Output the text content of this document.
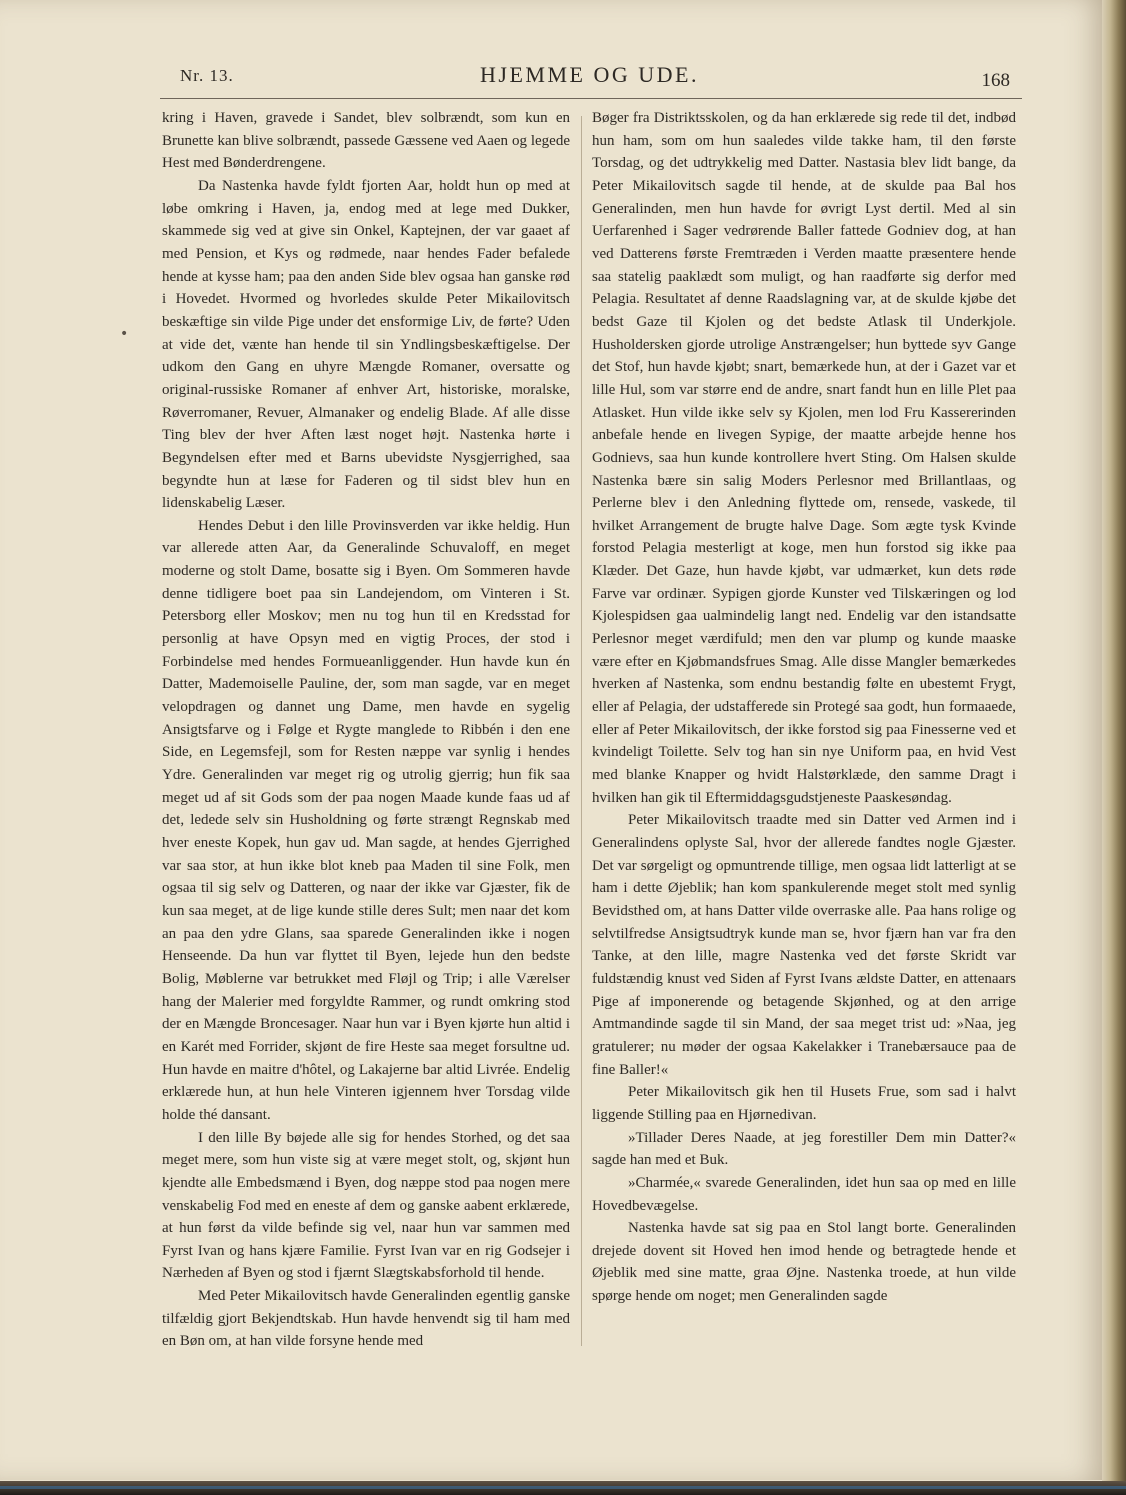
Nr. 13.	HJEMME OG UDE.	168
•

kring i Haven, gravede i Sandet, blev solbrændt, som kun en Brunette kan blive solbrændt, passede Gæssene ved Aaen og legede Hest med Bønderdrengene.

Da Nastenka havde fyldt fjorten Aar, holdt hun op med at løbe omkring i Haven, ja, endog med at lege med Dukker, skammede sig ved at give sin Onkel, Kaptejnen, der var gaaet af med Pension, et Kys og rødmede, naar hendes Fader befalede hende at kysse ham; paa den anden Side blev ogsaa han ganske rød i Hovedet. Hvormed og hvorledes skulde Peter Mikailovitsch beskæftige sin vilde Pige under det ensformige Liv, de førte? Uden at vide det, vænte han hende til sin Yndlingsbeskæftigelse. Der udkom den Gang en uhyre Mængde Romaner, oversatte og original-russiske Romaner af enhver Art, historiske, moralske, Røverromaner, Revuer, Almanaker og endelig Blade. Af alle disse Ting blev der hver Aften læst noget højt. Nastenka hørte i Begyndelsen efter med et Barns ubevidste Nysgjerrighed, saa begyndte hun at læse for Faderen og til sidst blev hun en lidenskabelig Læser.

Hendes Debut i den lille Provinsverden var ikke heldig. Hun var allerede atten Aar, da Generalinde Schuvaloff, en meget moderne og stolt Dame, bosatte sig i Byen. Om Sommeren havde denne tidligere boet paa sin Landejendom, om Vinteren i St. Petersborg eller Moskov; men nu tog hun til en Kredsstad for personlig at have Opsyn med en vigtig Proces, der stod i Forbindelse med hendes Formueanliggender. Hun havde kun én Datter, Mademoiselle Pauline, der, som man sagde, var en meget velopdragen og dannet ung Dame, men havde en sygelig Ansigtsfarve og i Følge et Rygte manglede to Ribbén i den ene Side, en Legemsfejl, som for Resten næppe var synlig i hendes Ydre. Generalinden var meget rig og utrolig gjerrig; hun fik saa meget ud af sit Gods som der paa nogen Maade kunde faas ud af det, ledede selv sin Husholdning og førte strængt Regnskab med hver eneste Kopek, hun gav ud. Man sagde, at hendes Gjerrighed var saa stor, at hun ikke blot kneb paa Maden til sine Folk, men ogsaa til sig selv og Datteren, og naar der ikke var Gjæster, fik de kun saa meget, at de lige kunde stille deres Sult; men naar det kom an paa den ydre Glans, saa sparede Generalinden ikke i nogen Henseende. Da hun var flyttet til Byen, lejede hun den bedste Bolig, Møblerne var betrukket med Fløjl og Trip; i alle Værelser hang der Malerier med forgyldte Rammer, og rundt omkring stod der en Mængde Broncesager. Naar hun var i Byen kjørte hun altid i en Karét med Forrider, skjønt de fire Heste saa meget forsultne ud. Hun havde en maitre d'hôtel, og Lakajerne bar altid Livrée. Endelig erklærede hun, at hun hele Vinteren igjennem hver Torsdag vilde holde thé dansant.

I den lille By bøjede alle sig for hendes Storhed, og det saa meget mere, som hun viste sig at være meget stolt, og, skjønt hun kjendte alle Embedsmænd i Byen, dog næppe stod paa nogen mere venskabelig Fod med en eneste af dem og ganske aabent erklærede, at hun først da vilde befinde sig vel, naar hun var sammen med Fyrst Ivan og hans kjære Familie. Fyrst Ivan var en rig Godsejer i Nærheden af Byen og stod i fjærnt Slægtskabsforhold til hende.

Med Peter Mikailovitsch havde Generalinden egentlig ganske tilfældig gjort Bekjendtskab. Hun havde henvendt sig til ham med en Bøn om, at han vilde forsyne hende med

Bøger fra Distriktsskolen, og da han erklærede sig rede til det, indbød hun ham, som om hun saaledes vilde takke ham, til den første Torsdag, og det udtrykkelig med Datter. Nastasia blev lidt bange, da Peter Mikailovitsch sagde til hende, at de skulde paa Bal hos Generalinden, men hun havde for øvrigt Lyst dertil. Med al sin Uerfarenhed i Sager vedrørende Baller fattede Godniev dog, at han ved Datterens første Fremtræden i Verden maatte præsentere hende saa statelig paaklædt som muligt, og han raadførte sig derfor med Pelagia. Resultatet af denne Raadslagning var, at de skulde kjøbe det bedst Gaze til Kjolen og det bedste Atlask til Underkjole. Husholdersken gjorde utrolige Anstrængelser; hun byttede syv Gange det Stof, hun havde kjøbt; snart, bemærkede hun, at der i Gazet var et lille Hul, som var større end de andre, snart fandt hun en lille Plet paa Atlasket. Hun vilde ikke selv sy Kjolen, men lod Fru Kassererinden anbefale hende en livegen Sypige, der maatte arbejde henne hos Godnievs, saa hun kunde kontrollere hvert Sting. Om Halsen skulde Nastenka bære sin salig Moders Perlesnor med Brillantlaas, og Perlerne blev i den Anledning flyttede om, rensede, vaskede, til hvilket Arrangement de brugte halve Dage. Som ægte tysk Kvinde forstod Pelagia mesterligt at koge, men hun forstod sig ikke paa Klæder. Det Gaze, hun havde kjøbt, var udmærket, kun dets røde Farve var ordinær. Sypigen gjorde Kunster ved Tilskæringen og lod Kjolespidsen gaa ualmindelig langt ned. Endelig var den istandsatte Perlesnor meget værdifuld; men den var plump og kunde maaske være efter en Kjøbmandsfrues Smag. Alle disse Mangler bemærkedes hverken af Nastenka, som endnu bestandig følte en ubestemt Frygt, eller af Pelagia, der udstafferede sin Protegé saa godt, hun formaaede, eller af Peter Mikailovitsch, der ikke forstod sig paa Finesserne ved et kvindeligt Toilette. Selv tog han sin nye Uniform paa, en hvid Vest med blanke Knapper og hvidt Halstørklæde, den samme Dragt i hvilken han gik til Eftermiddagsgudstjeneste Paaskesøndag.

Peter Mikailovitsch traadte med sin Datter ved Armen ind i Generalindens oplyste Sal, hvor der allerede fandtes nogle Gjæster. Det var sørgeligt og opmuntrende tillige, men ogsaa lidt latterligt at se ham i dette Øjeblik; han kom spankulerende meget stolt med synlig Bevidsthed om, at hans Datter vilde overraske alle. Paa hans rolige og selvtilfredse Ansigtsudtryk kunde man se, hvor fjærn han var fra den Tanke, at den lille, magre Nastenka ved det første Skridt var fuldstændig knust ved Siden af Fyrst Ivans ældste Datter, en attenaars Pige af imponerende og betagende Skjønhed, og at den arrige Amtmandinde sagde til sin Mand, der saa meget trist ud: »Naa, jeg gratulerer; nu møder der ogsaa Kakelakker i Tranebærsauce paa de fine Baller!«

Peter Mikailovitsch gik hen til Husets Frue, som sad i halvt liggende Stilling paa en Hjørnedivan.

»Tillader Deres Naade, at jeg forestiller Dem min Datter?« sagde han med et Buk.

»Charmée,« svarede Generalinden, idet hun saa op med en lille Hovedbevægelse.

Nastenka havde sat sig paa en Stol langt borte. Generalinden drejede dovent sit Hoved hen imod hende og betragtede hende et Øjeblik med sine matte, graa Øjne. Nastenka troede, at hun vilde spørge hende om noget; men Generalinden sagde
